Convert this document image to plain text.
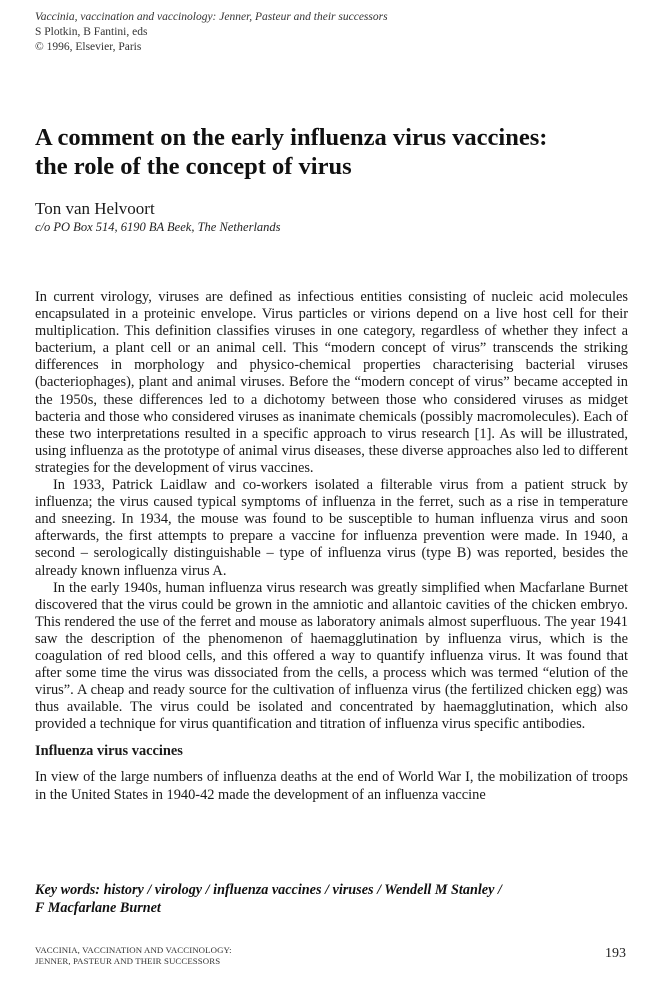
Vaccinia, vaccination and vaccinology: Jenner, Pasteur and their successors
S Plotkin, B Fantini, eds
© 1996, Elsevier, Paris
A comment on the early influenza virus vaccines:
the role of the concept of virus
Ton van Helvoort
c/o PO Box 514, 6190 BA Beek, The Netherlands

In current virology, viruses are defined as infectious entities consisting of nucleic acid molecules encapsulated in a proteinic envelope. Virus particles or virions depend on a live host cell for their multiplication. This definition classifies viruses in one category, regardless of whether they infect a bacterium, a plant cell or an animal cell. This “modern concept of virus” transcends the striking differences in morphology and physico-chemical properties characterising bacterial viruses (bacteriophages), plant and animal viruses. Before the “modern concept of virus” became accepted in the 1950s, these differences led to a dichotomy between those who considered viruses as midget bacteria and those who considered viruses as inanimate chemicals (possibly macromolecules). Each of these two interpretations resulted in a specific approach to virus research [1]. As will be illustrated, using influenza as the prototype of animal virus diseases, these diverse approaches also led to different strategies for the development of virus vaccines.

In 1933, Patrick Laidlaw and co-workers isolated a filterable virus from a patient struck by influenza; the virus caused typical symptoms of influenza in the ferret, such as a rise in temperature and sneezing. In 1934, the mouse was found to be susceptible to human influenza virus and soon afterwards, the first attempts to prepare a vaccine for influenza prevention were made. In 1940, a second – serologically distinguishable – type of influenza virus (type B) was reported, besides the already known influenza virus A.

In the early 1940s, human influenza virus research was greatly simplified when Macfarlane Burnet discovered that the virus could be grown in the amniotic and allantoic cavities of the chicken embryo. This rendered the use of the ferret and mouse as laboratory animals almost superfluous. The year 1941 saw the description of the phenomenon of haemagglutination by influenza virus, which is the coagulation of red blood cells, and this offered a way to quantify influenza virus. It was found that after some time the virus was dissociated from the cells, a process which was termed “elution of the virus”. A cheap and ready source for the cultivation of influenza virus (the fertilized chicken egg) was thus available. The virus could be isolated and concentrated by haemagglutination, which also provided a technique for virus quantification and titration of influenza virus specific antibodies.

Influenza virus vaccines

In view of the large numbers of influenza deaths at the end of World War I, the mobilization of troops in the United States in 1940-42 made the development of an influenza vaccine

Key words: history / virology / influenza vaccines / viruses / Wendell M Stanley /
F Macfarlane Burnet
VACCINIA, VACCINATION AND VACCINOLOGY:
JENNER, PASTEUR AND THEIR SUCCESSORS	193
